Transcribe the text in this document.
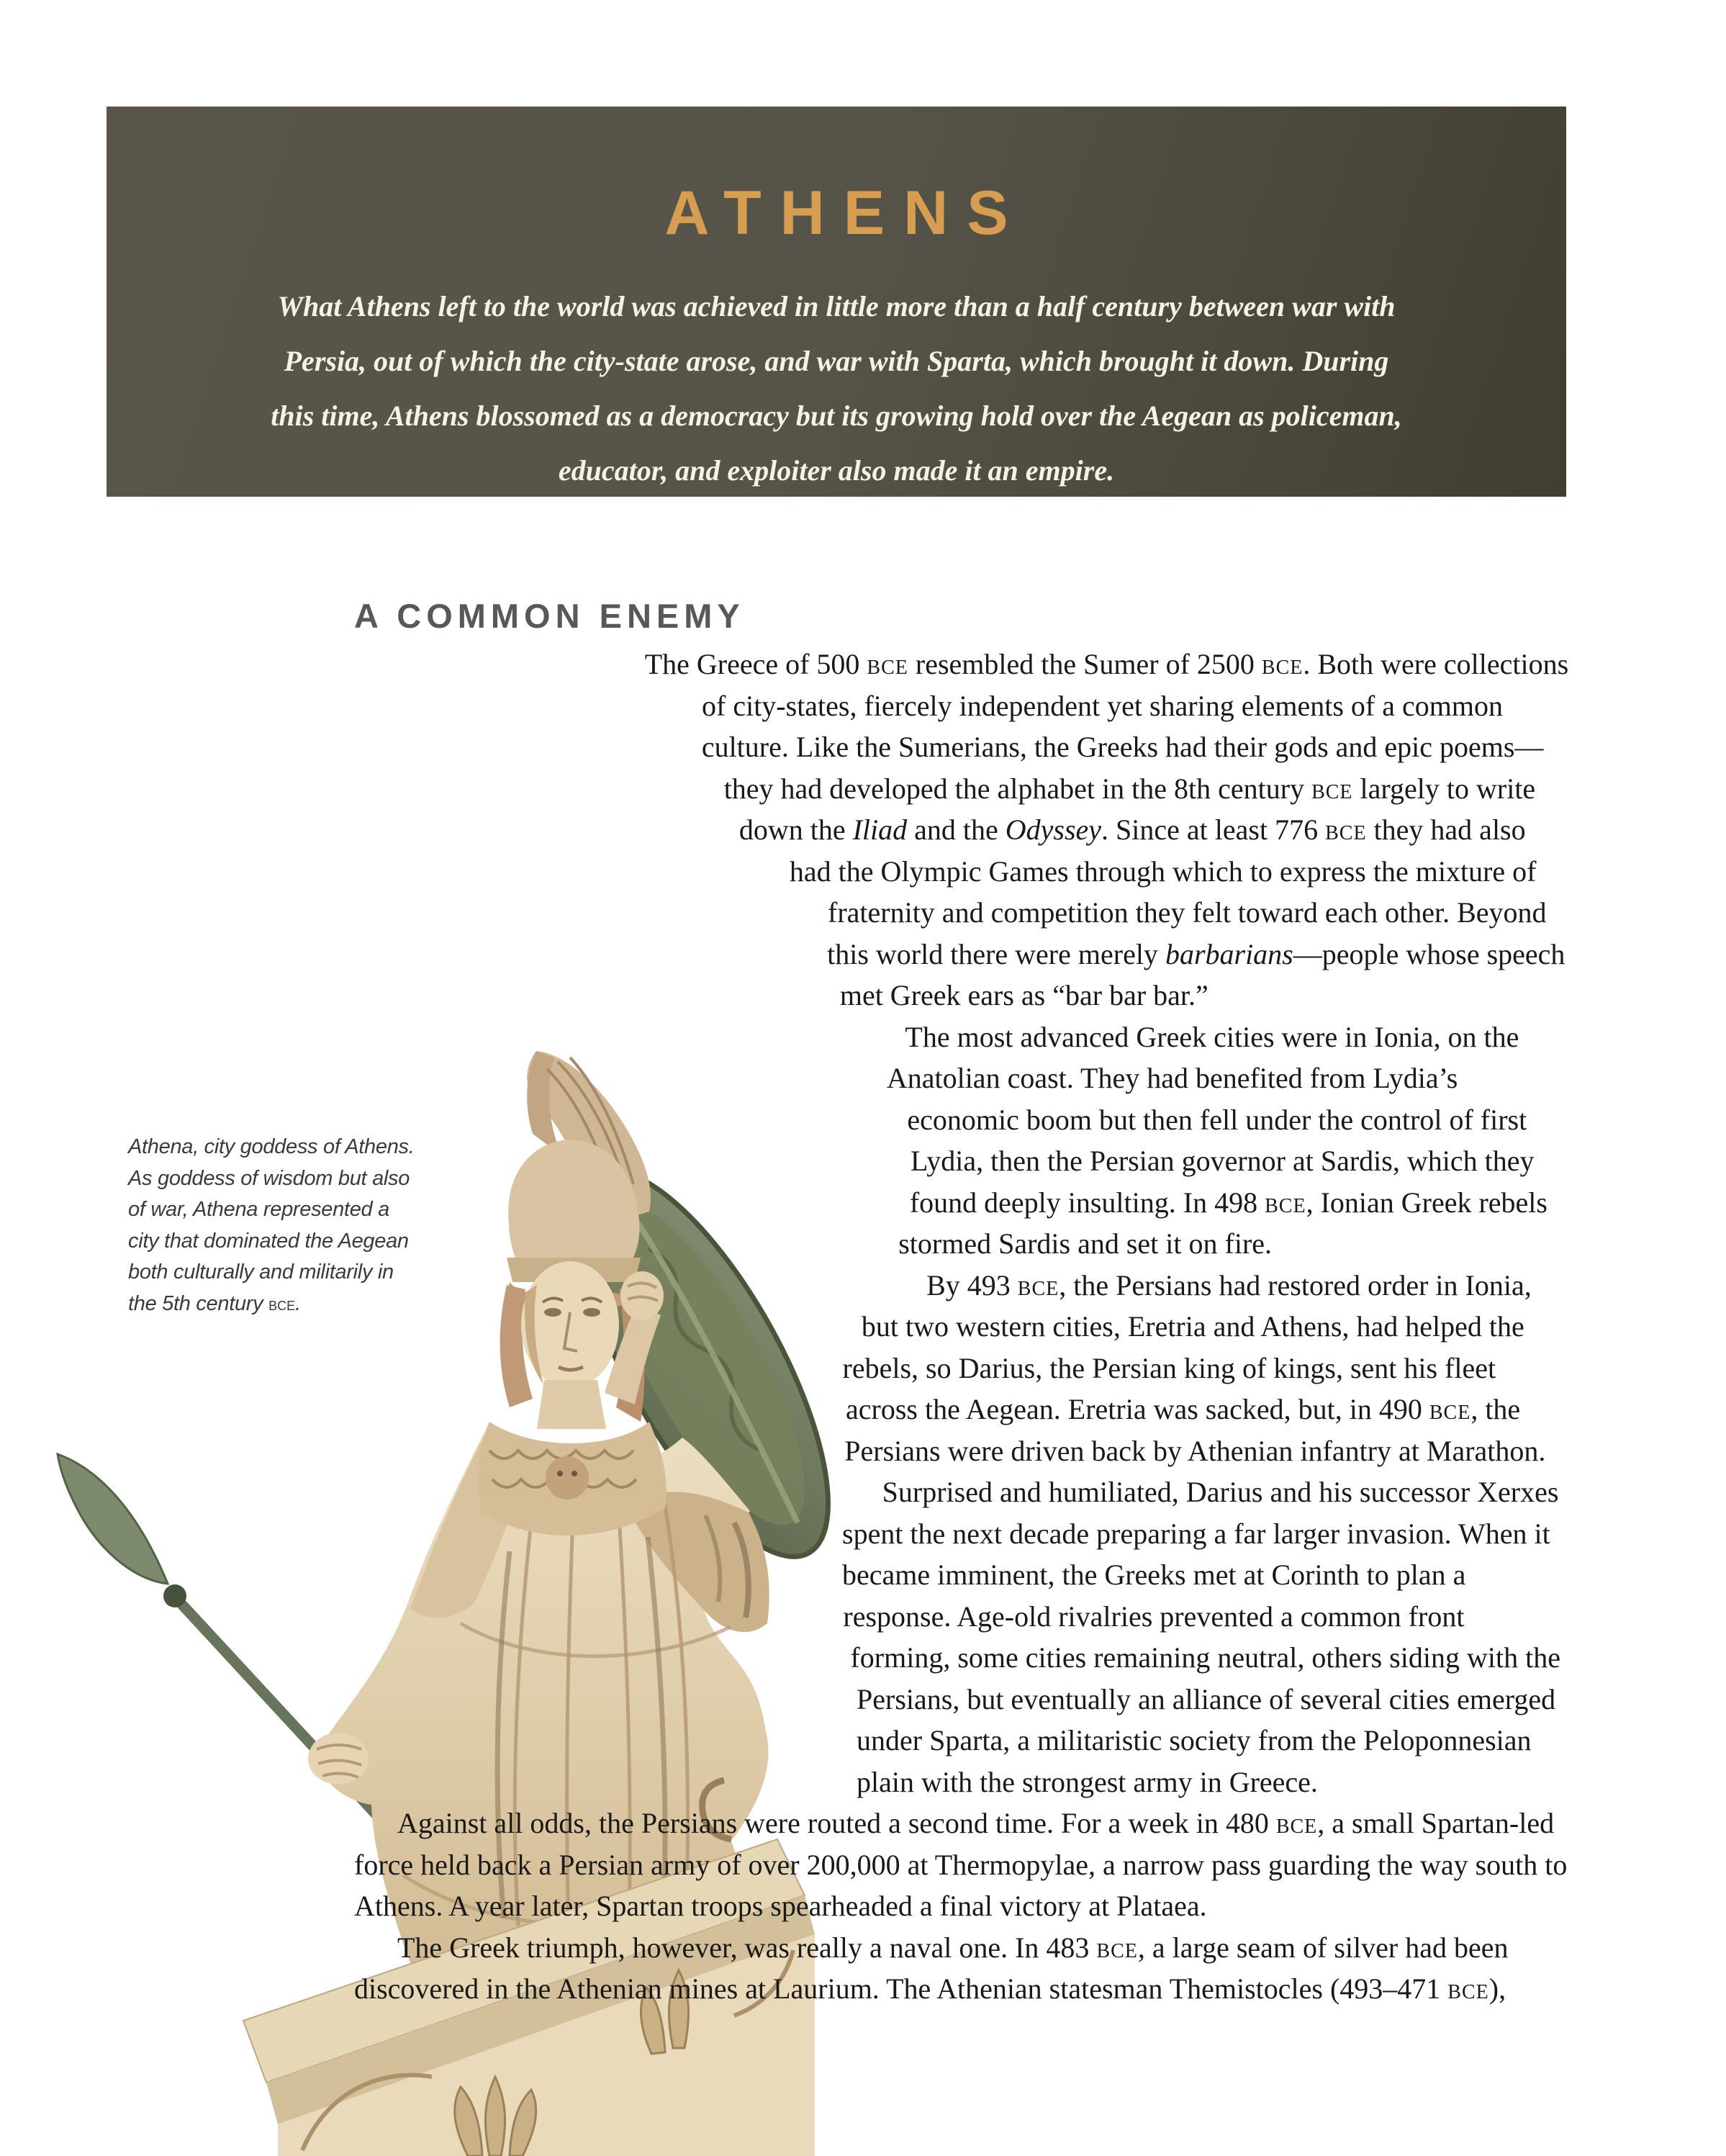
ATHENS
What Athens left to the world was achieved in little more than a half century between war with
Persia, out of which the city-state arose, and war with Sparta, which brought it down. During
this time, Athens blossomed as a democracy but its growing hold over the Aegean as policeman,
educator, and exploiter also made it an empire.
Athena, city goddess of Athens.
As goddess of wisdom but also
of war, Athena represented a
city that dominated the Aegean
both culturally and militarily in
the 5th century bce.
A COMMON ENEMY

The Greece of 500 bce resembled the Sumer of 2500 bce. Both were collections of city-states, fiercely independent yet sharing elements of a common culture. Like the Sumerians, the Greeks had their gods and epic poems—they had developed the alphabet in the 8th century bce largely to write down the Iliad and the Odyssey. Since at least 776 bce they had also had the Olympic Games through which to express the mixture of fraternity and competition they felt toward each other. Beyond this world there were merely barbarians—people whose speech met Greek ears as “bar bar bar.”

The most advanced Greek cities were in Ionia, on the Anatolian coast. They had benefited from Lydia’s economic boom but then fell under the control of first Lydia, then the Persian governor at Sardis, which they found deeply insulting. In 498 bce, Ionian Greek rebels stormed Sardis and set it on fire.

By 493 bce, the Persians had restored order in Ionia, but two western cities, Eretria and Athens, had helped the rebels, so Darius, the Persian king of kings, sent his fleet across the Aegean. Eretria was sacked, but, in 490 bce, the Persians were driven back by Athenian infantry at Marathon.

Surprised and humiliated, Darius and his successor Xerxes spent the next decade preparing a far larger invasion. When it became imminent, the Greeks met at Corinth to plan a response. Age-old rivalries prevented a common front forming, some cities remaining neutral, others siding with the Persians, but eventually an alliance of several cities emerged under Sparta, a militaristic society from the Peloponnesian plain with the strongest army in Greece.

Against all odds, the Persians were routed a second time. For a week in 480 bce, a small Spartan-led force held back a Persian army of over 200,000 at Thermopylae, a narrow pass guarding the way south to Athens. A year later, Spartan troops spearheaded a final victory at Plataea.

The Greek triumph, however, was really a naval one. In 483 bce, a large seam of silver had been discovered in the Athenian mines at Laurium. The Athenian statesman Themistocles (493–471 bce),
